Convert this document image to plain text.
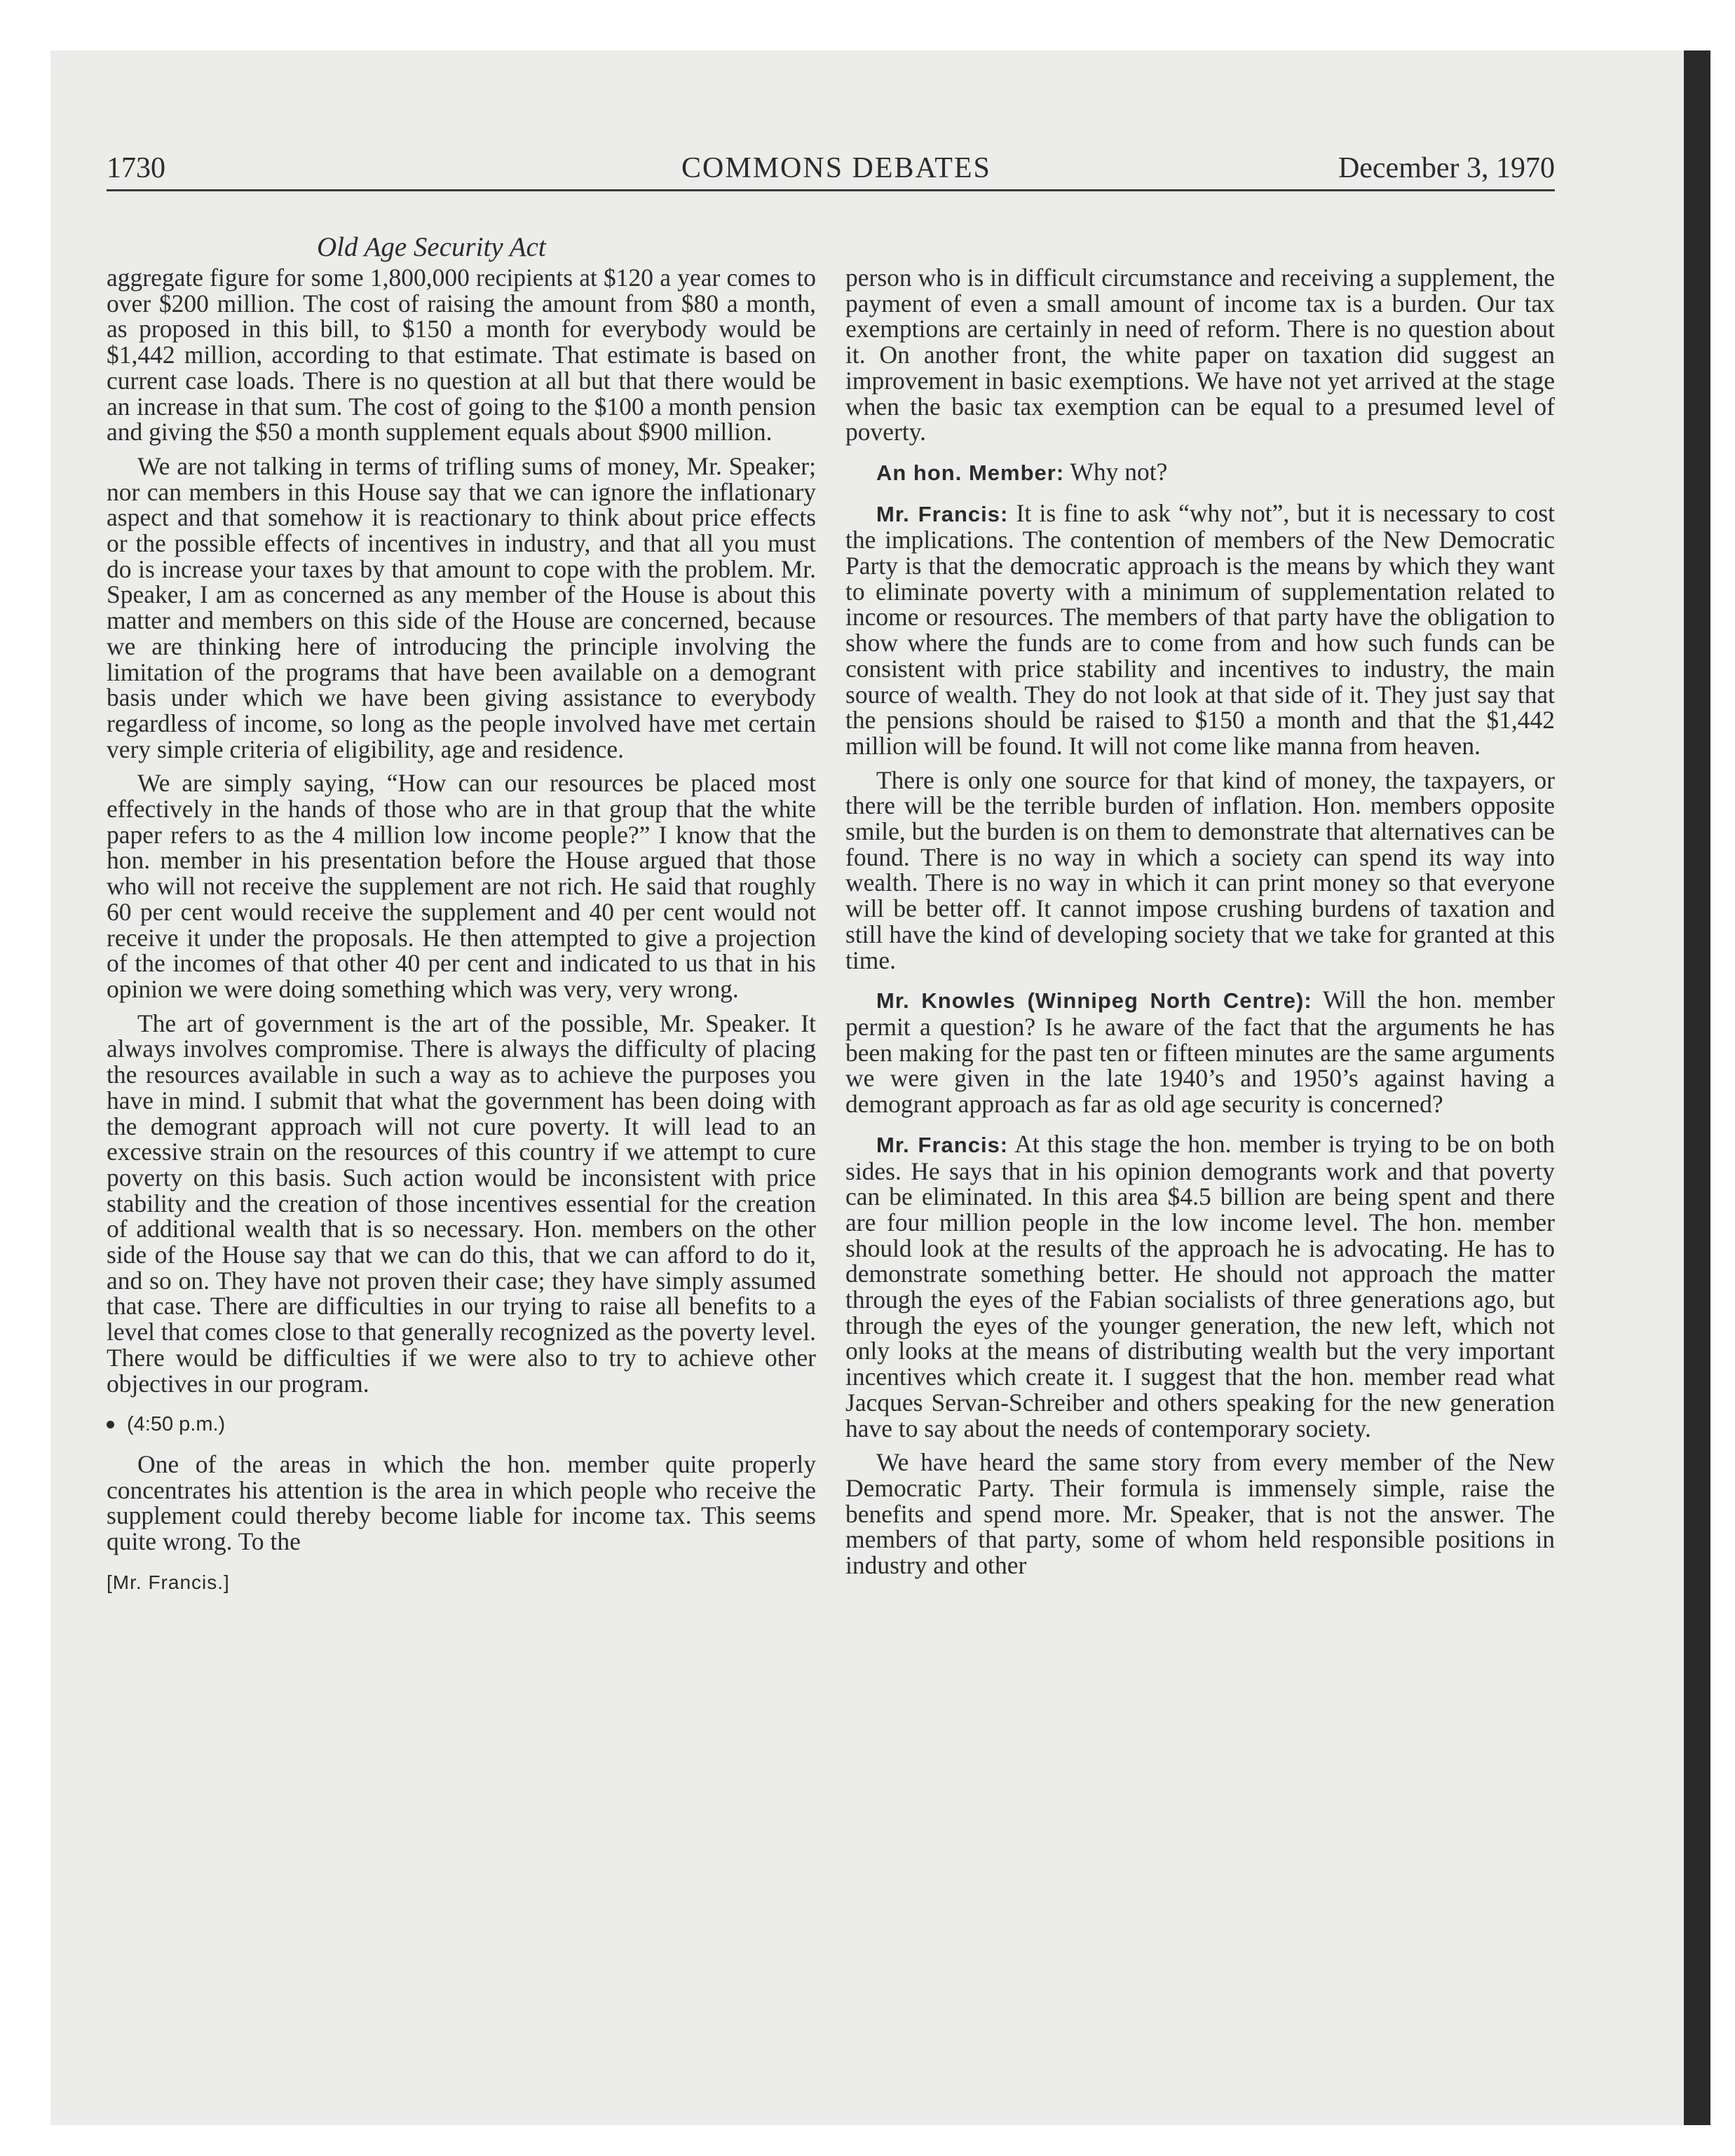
1730	COMMONS DEBATES	December 3, 1970
Old Age Security Act

aggregate figure for some 1,800,000 recipients at $120 a year comes to over $200 million. The cost of raising the amount from $80 a month, as proposed in this bill, to $150 a month for everybody would be $1,442 million, according to that estimate. That estimate is based on current case loads. There is no question at all but that there would be an increase in that sum. The cost of going to the $100 a month pension and giving the $50 a month supplement equals about $900 million.

We are not talking in terms of trifling sums of money, Mr. Speaker; nor can members in this House say that we can ignore the inflationary aspect and that somehow it is reactionary to think about price effects or the possible effects of incentives in industry, and that all you must do is increase your taxes by that amount to cope with the problem. Mr. Speaker, I am as concerned as any member of the House is about this matter and members on this side of the House are concerned, because we are thinking here of introducing the principle involving the limitation of the programs that have been available on a demogrant basis under which we have been giving assistance to everybody regardless of income, so long as the people involved have met certain very simple criteria of eligibility, age and residence.

We are simply saying, “How can our resources be placed most effectively in the hands of those who are in that group that the white paper refers to as the 4 million low income people?” I know that the hon. member in his presentation before the House argued that those who will not receive the supplement are not rich. He said that roughly 60 per cent would receive the supplement and 40 per cent would not receive it under the proposals. He then attempted to give a projection of the incomes of that other 40 per cent and indicated to us that in his opinion we were doing something which was very, very wrong.

The art of government is the art of the possible, Mr. Speaker. It always involves compromise. There is always the difficulty of placing the resources available in such a way as to achieve the purposes you have in mind. I submit that what the government has been doing with the demogrant approach will not cure poverty. It will lead to an excessive strain on the resources of this country if we attempt to cure poverty on this basis. Such action would be inconsistent with price stability and the creation of those incentives essential for the creation of additional wealth that is so necessary. Hon. members on the other side of the House say that we can do this, that we can afford to do it, and so on. They have not proven their case; they have simply assumed that case. There are difficulties in our trying to raise all benefits to a level that comes close to that generally recognized as the poverty level. There would be difficulties if we were also to try to achieve other objectives in our program.

(4:50 p.m.)

One of the areas in which the hon. member quite properly concentrates his attention is the area in which people who receive the supplement could thereby become liable for income tax. This seems quite wrong. To the

[Mr. Francis.]

person who is in difficult circumstance and receiving a supplement, the payment of even a small amount of income tax is a burden. Our tax exemptions are certainly in need of reform. There is no question about it. On another front, the white paper on taxation did suggest an improvement in basic exemptions. We have not yet arrived at the stage when the basic tax exemption can be equal to a presumed level of poverty.

An hon. Member: Why not?

Mr. Francis: It is fine to ask “why not”, but it is necessary to cost the implications. The contention of members of the New Democratic Party is that the democratic approach is the means by which they want to eliminate poverty with a minimum of supplementation related to income or resources. The members of that party have the obligation to show where the funds are to come from and how such funds can be consistent with price stability and incentives to industry, the main source of wealth. They do not look at that side of it. They just say that the pensions should be raised to $150 a month and that the $1,442 million will be found. It will not come like manna from heaven.

There is only one source for that kind of money, the taxpayers, or there will be the terrible burden of inflation. Hon. members opposite smile, but the burden is on them to demonstrate that alternatives can be found. There is no way in which a society can spend its way into wealth. There is no way in which it can print money so that everyone will be better off. It cannot impose crushing burdens of taxation and still have the kind of developing society that we take for granted at this time.

Mr. Knowles (Winnipeg North Centre): Will the hon. member permit a question? Is he aware of the fact that the arguments he has been making for the past ten or fifteen minutes are the same arguments we were given in the late 1940’s and 1950’s against having a demogrant approach as far as old age security is concerned?

Mr. Francis: At this stage the hon. member is trying to be on both sides. He says that in his opinion demogrants work and that poverty can be eliminated. In this area $4.5 billion are being spent and there are four million people in the low income level. The hon. member should look at the results of the approach he is advocating. He has to demonstrate something better. He should not approach the matter through the eyes of the Fabian socialists of three generations ago, but through the eyes of the younger generation, the new left, which not only looks at the means of distributing wealth but the very important incentives which create it. I suggest that the hon. member read what Jacques Servan-Schreiber and others speaking for the new generation have to say about the needs of contemporary society.

We have heard the same story from every member of the New Democratic Party. Their formula is immensely simple, raise the benefits and spend more. Mr. Speaker, that is not the answer. The members of that party, some of whom held responsible positions in industry and other
